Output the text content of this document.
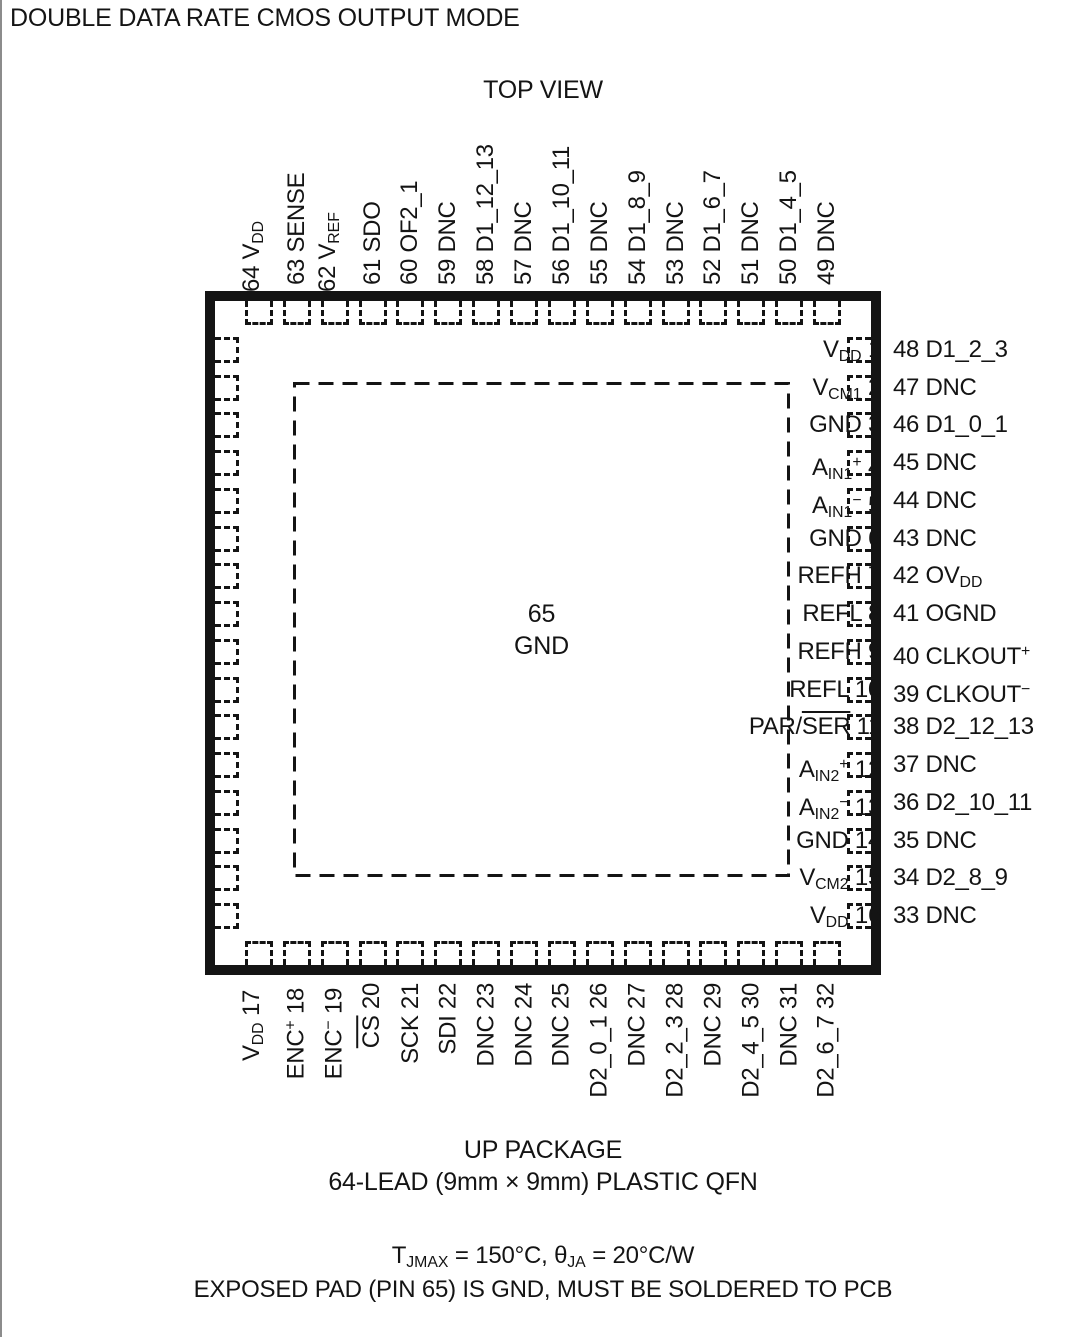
DOUBLE DATA RATE CMOS OUTPUT MODE
TOP VIEW
65
GND
UP PACKAGE
64-LEAD (9mm × 9mm) PLASTIC QFN
$T_{JMAX} = 150^\circ C$, $\theta_{JA} = 20^\circ C/W$
EXPOSED PAD (PIN 65) IS GND, MUST BE SOLDERED TO PCB
64 $V_{DD}$ 63 SENSE 62 $V_{REF}$ 61 SDO 60 OF2_1 59 DNC 58 D1_12_13 57 DNC 56 D1_10_11 55 DNC 54 D1_8_9 53 DNC 52 D1_6_7 51 DNC 50 D1_4_5 49 DNC
$V_{DD}$ 17
ENC+ 18
ENC− 19
$\overline{CS}$ 20 SCK 21 SDI 22 DNC 23 DNC 24 DNC 25 D2_0_1 26 DNC 27 D2_2_3 28 DNC 29 D2_4_5 30 DNC 31 D2_6_7 32
$V_{DD}$ 1
$V_{CM1}$ 2
GND 3
$A_{IN1}^+$ 4
$A_{IN1}^-$ 5
GND 6
REFH 7
REFL 8
REFH 9
REFL 10
PAR/$\overline{SER}$ 11
$A_{IN2}^+$ 12
$A_{IN2}^-$ 13
GND 14
$V_{CM2}$ 15
$V_{DD}$ 16
48 D1_2_3
47 DNC
46 D1_0_1
45 DNC
44 DNC
43 DNC
42 $OV_{DD}$
41 OGND
40 CLKOUT+
39 CLKOUT−
38 D2_12_13
37 DNC
36 D2_10_11
35 DNC
34 D2_8_9
33 DNC
